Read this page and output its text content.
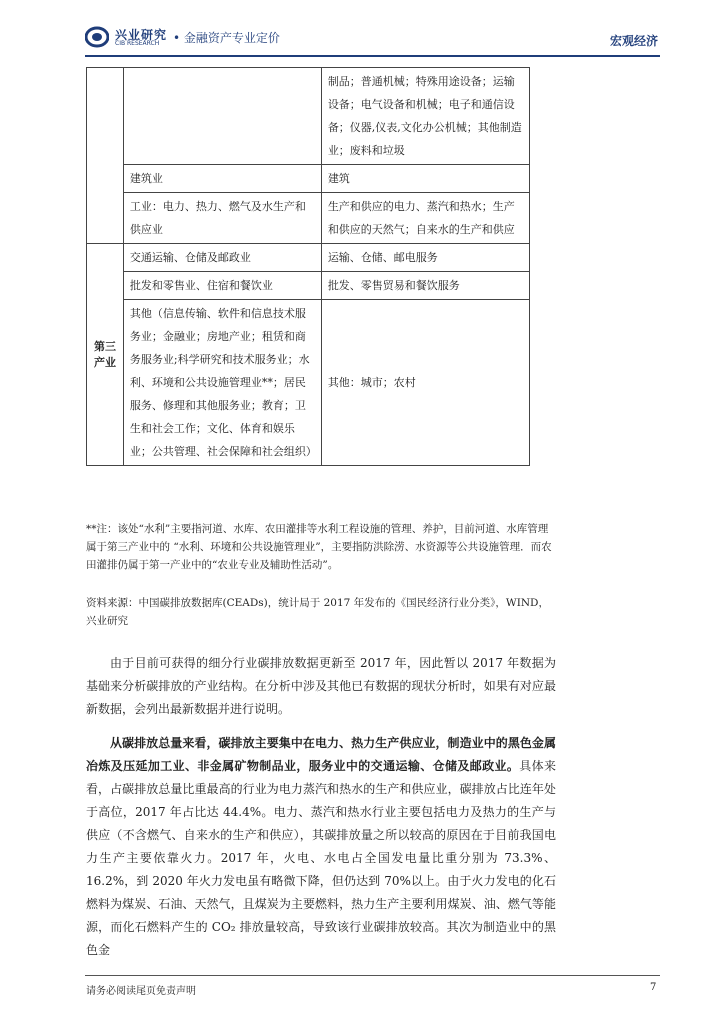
兴业研究
CIB RESEARCH • 金融资产专业定价	宏观经济
		制品；普通机械；特殊用途设备；运输设备；电气设备和机械；电子和通信设备；仪器,仪表,文化办公机械；其他制造业；废料和垃圾
	建筑业	建筑
	工业：电力、热力、燃气及水生产和供应业	生产和供应的电力、蒸汽和热水；生产和供应的天然气；自来水的生产和供应
第三产业	交通运输、仓储及邮政业	运输、仓储、邮电服务
	批发和零售业、住宿和餐饮业	批发、零售贸易和餐饮服务
	其他（信息传输、软件和信息技术服务业；金融业；房地产业；租赁和商务服务业;科学研究和技术服务业；水利、环境和公共设施管理业**；居民服务、修理和其他服务业；教育；卫生和社会工作；文化、体育和娱乐业；公共管理、社会保障和社会组织）	其他：城市；农村
**注：该处“水利”主要指河道、水库、农田灌排等水利工程设施的管理、养护，目前河道、水库管理属于第三产业中的 “水利、环境和公共设施管理业”，主要指防洪除涝、水资源等公共设施管理．而农田灌排仍属于第一产业中的“农业专业及辅助性活动”。
资料来源：中国碳排放数据库(CEADs)，统计局于 2017 年发布的《国民经济行业分类》，WIND，兴业研究

由于目前可获得的细分行业碳排放数据更新至 2017 年，因此暂以 2017 年数据为基础来分析碳排放的产业结构。在分析中涉及其他已有数据的现状分析时，如果有对应最新数据，会列出最新数据并进行说明。

从碳排放总量来看，碳排放主要集中在电力、热力生产供应业，制造业中的黑色金属冶炼及压延加工业、非金属矿物制品业，服务业中的交通运输、仓储及邮政业。具体来看，占碳排放总量比重最高的行业为电力蒸汽和热水的生产和供应业，碳排放占比连年处于高位，2017 年占比达 44.4%。电力、蒸汽和热水行业主要包括电力及热力的生产与供应（不含燃气、自来水的生产和供应），其碳排放量之所以较高的原因在于目前我国电力生产主要依靠火力。2017 年，火电、水电占全国发电量比重分别为 73.3%、16.2%，到 2020 年火力发电虽有略微下降，但仍达到 70%以上。由于火力发电的化石燃料为煤炭、石油、天然气，且煤炭为主要燃料，热力生产主要利用煤炭、油、燃气等能源，而化石燃料产生的 CO₂ 排放量较高，导致该行业碳排放较高。其次为制造业中的黑色金

请务必阅读尾页免责声明	7
